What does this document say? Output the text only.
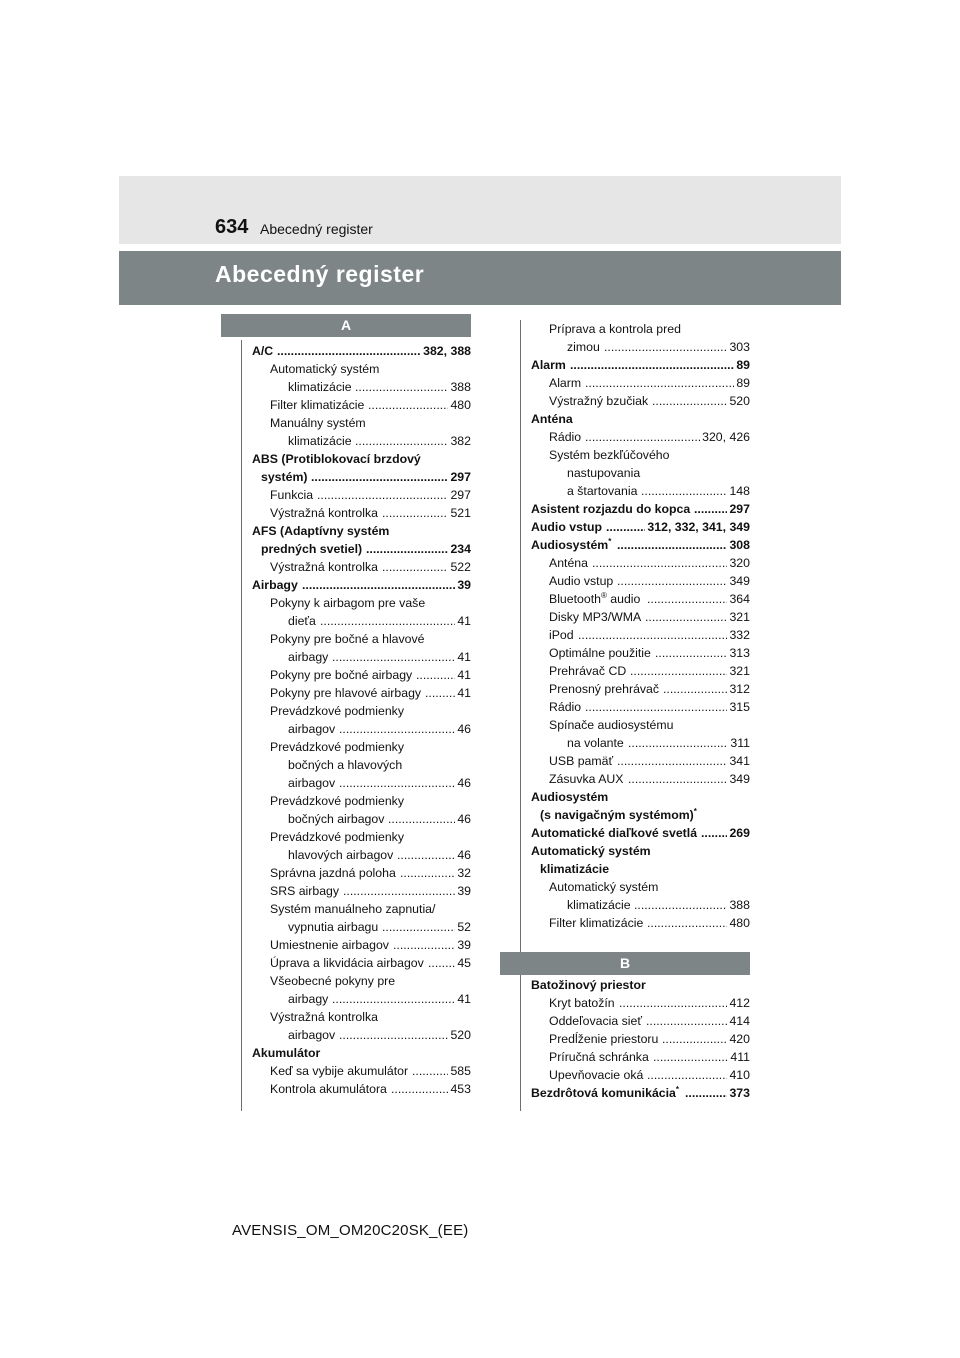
634 Abecedný register
Abecedný register
A
B
A/C .....	382, 388
Automatický systém
klimatizácie .....	388
Filter klimatizácie .....	480
Manuálny systém
klimatizácie .....	382
ABS (Protiblokovací brzdový
systém) .....	297
Funkcia .....	297
Výstražná kontrolka .....	521
AFS (Adaptívny systém
predných svetiel) .....	234
Výstražná kontrolka .....	522
Airbagy .....	39
Pokyny k airbagom pre vaše
dieťa .....	41
Pokyny pre bočné a hlavové
airbagy .....	41
Pokyny pre bočné airbagy .....	41
Pokyny pre hlavové airbagy .....	41
Prevádzkové podmienky
airbagov .....	46
Prevádzkové podmienky
bočných a hlavových
airbagov .....	46
Prevádzkové podmienky
bočných airbagov .....	46
Prevádzkové podmienky
hlavových airbagov .....	46
Správna jazdná poloha .....	32
SRS airbagy .....	39
Systém manuálneho zapnutia/
vypnutia airbagu .....	52
Umiestnenie airbagov .....	39
Úprava a likvidácia airbagov .....	45
Všeobecné pokyny pre
airbagy .....	41
Výstražná kontrolka
airbagov .....	520
Akumulátor
Keď sa vybije akumulátor .....	585
Kontrola akumulátora .....	453
Príprava a kontrola pred
zimou .....	303
Alarm .....	89
Alarm .....	89
Výstražný bzučiak .....	520
Anténa
Rádio .....	320, 426
Systém bezkľúčového
nastupovania
a štartovania .....	148
Asistent rozjazdu do kopca .....	297
Audio vstup .....	312, 332, 341, 349
Audiosystém* .....	308
Anténa .....	320
Audio vstup .....	349
Bluetooth® audio .....	364
Disky MP3/WMA .....	321
iPod .....	332
Optimálne použitie .....	313
Prehrávač CD .....	321
Prenosný prehrávač .....	312
Rádio .....	315
Spínače audiosystému
na volante .....	311
USB pamäť .....	341
Zásuvka AUX .....	349
Audiosystém
(s navigačným systémom)*
Automatické diaľkové svetlá .....	269
Automatický systém
klimatizácie
Automatický systém
klimatizácie .....	388
Filter klimatizácie .....	480
Batožinový priestor
Kryt batožín .....	412
Oddeľovacia sieť .....	414
Predĺženie priestoru .....	420
Príručná schránka .....	411
Upevňovacie oká .....	410
Bezdrôtová komunikácia* .....	373
AVENSIS_OM_OM20C20SK_(EE)
